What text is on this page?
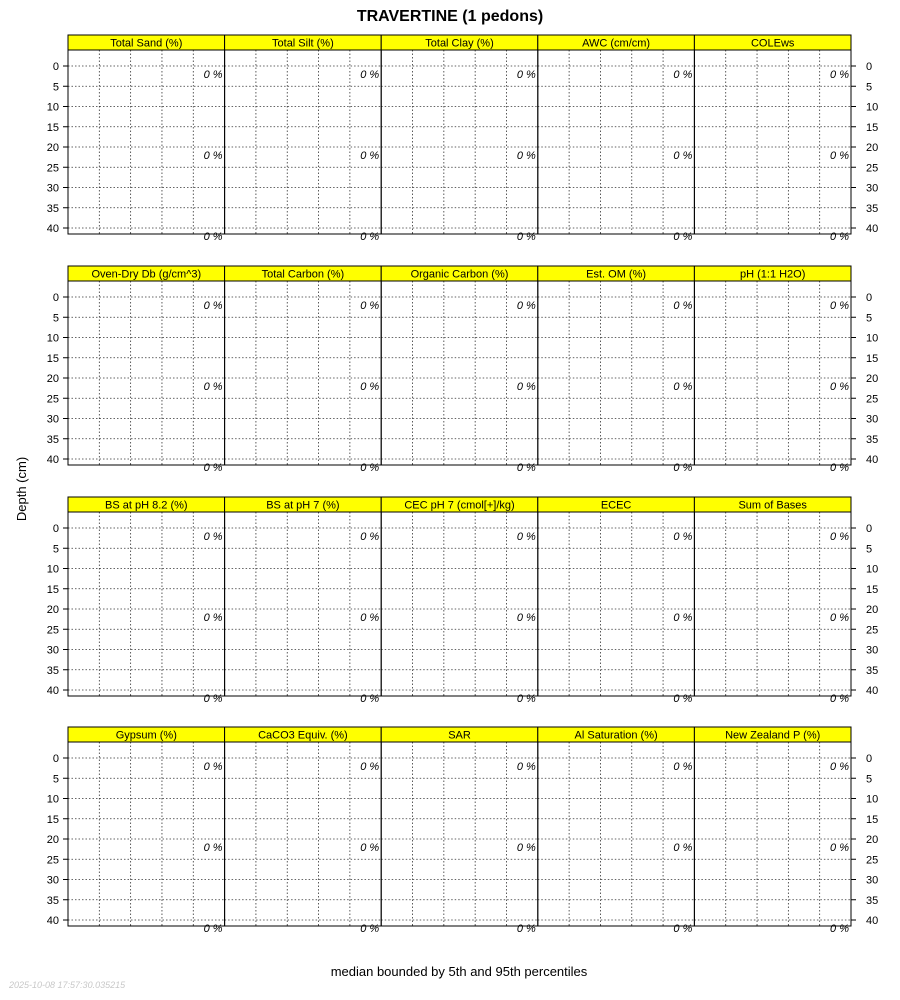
TRAVERTINE (1 pedons)
Total Sand (%)
0 %
0 %
0 %
Total Silt (%)
0 %
0 %
0 %
Total Clay (%)
0 %
0 %
0 %
AWC (cm/cm)
0 %
0 %
0 %
COLEws
0 %
0 %
0 %
0	0
5	5
10	10
15	15
20	20
25	25
30	30
35	35
40	40
Oven-Dry Db (g/cm^3)
0 %
0 %
0 %
Total Carbon (%)
0 %
0 %
0 %
Organic Carbon (%)
0 %
0 %
0 %
Est. OM (%)
0 %
0 %
0 %
pH (1:1 H2O)
0 %
0 %
0 %
0	0
5	5
10	10
15	15
20	20
25	25
30	30
35	35
40	40
BS at pH 8.2 (%)
0 %
0 %
0 %
BS at pH 7 (%)
0 %
0 %
0 %
CEC pH 7 (cmol[+]/kg)
0 %
0 %
0 %
ECEC
0 %
0 %
0 %
Sum of Bases
0 %
0 %
0 %
0	0
5	5
10	10
15	15
20	20
25	25
30	30
35	35
40	40
Gypsum (%)
0 %
0 %
0 %
CaCO3 Equiv. (%)
0 %
0 %
0 %
SAR
0 %
0 %
0 %
Al Saturation (%)
0 %
0 %
0 %
New Zealand P (%)
0 %
0 %
0 %
0	0
5	5
10	10
15	15
20	20
25	25
30	30
35	35
40	40
Depth (cm)
median bounded by 5th and 95th percentiles
2025-10-08 17:57:30.035215
